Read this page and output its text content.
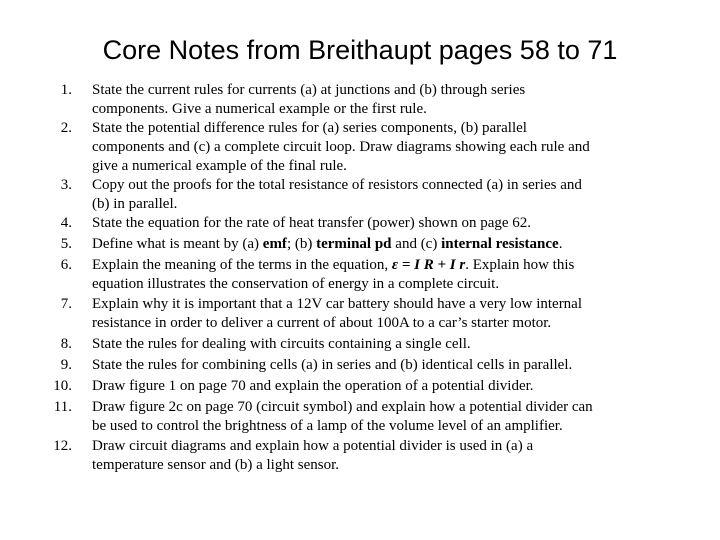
Core Notes from Breithaupt pages 58 to 71
1. State the current rules for currents (a) at junctions and (b) through series
components. Give a numerical example or the first rule.
2. State the potential difference rules for (a) series components, (b) parallel
components and (c) a complete circuit loop. Draw diagrams showing each rule and
give a numerical example of the final rule.
3. Copy out the proofs for the total resistance of resistors connected (a) in series and
(b) in parallel.
4. State the equation for the rate of heat transfer (power) shown on page 62.
5. Define what is meant by (a) emf; (b) terminal pd and (c) internal resistance.
6. Explain the meaning of the terms in the equation, ε = I R + I r. Explain how this
equation illustrates the conservation of energy in a complete circuit.
7. Explain why it is important that a 12V car battery should have a very low internal
resistance in order to deliver a current of about 100A to a car’s starter motor.
8. State the rules for dealing with circuits containing a single cell.
9. State the rules for combining cells (a) in series and (b) identical cells in parallel.
10. Draw figure 1 on page 70 and explain the operation of a potential divider.
11. Draw figure 2c on page 70 (circuit symbol) and explain how a potential divider can
be used to control the brightness of a lamp of the volume level of an amplifier.
12. Draw circuit diagrams and explain how a potential divider is used in (a) a
temperature sensor and (b) a light sensor.
